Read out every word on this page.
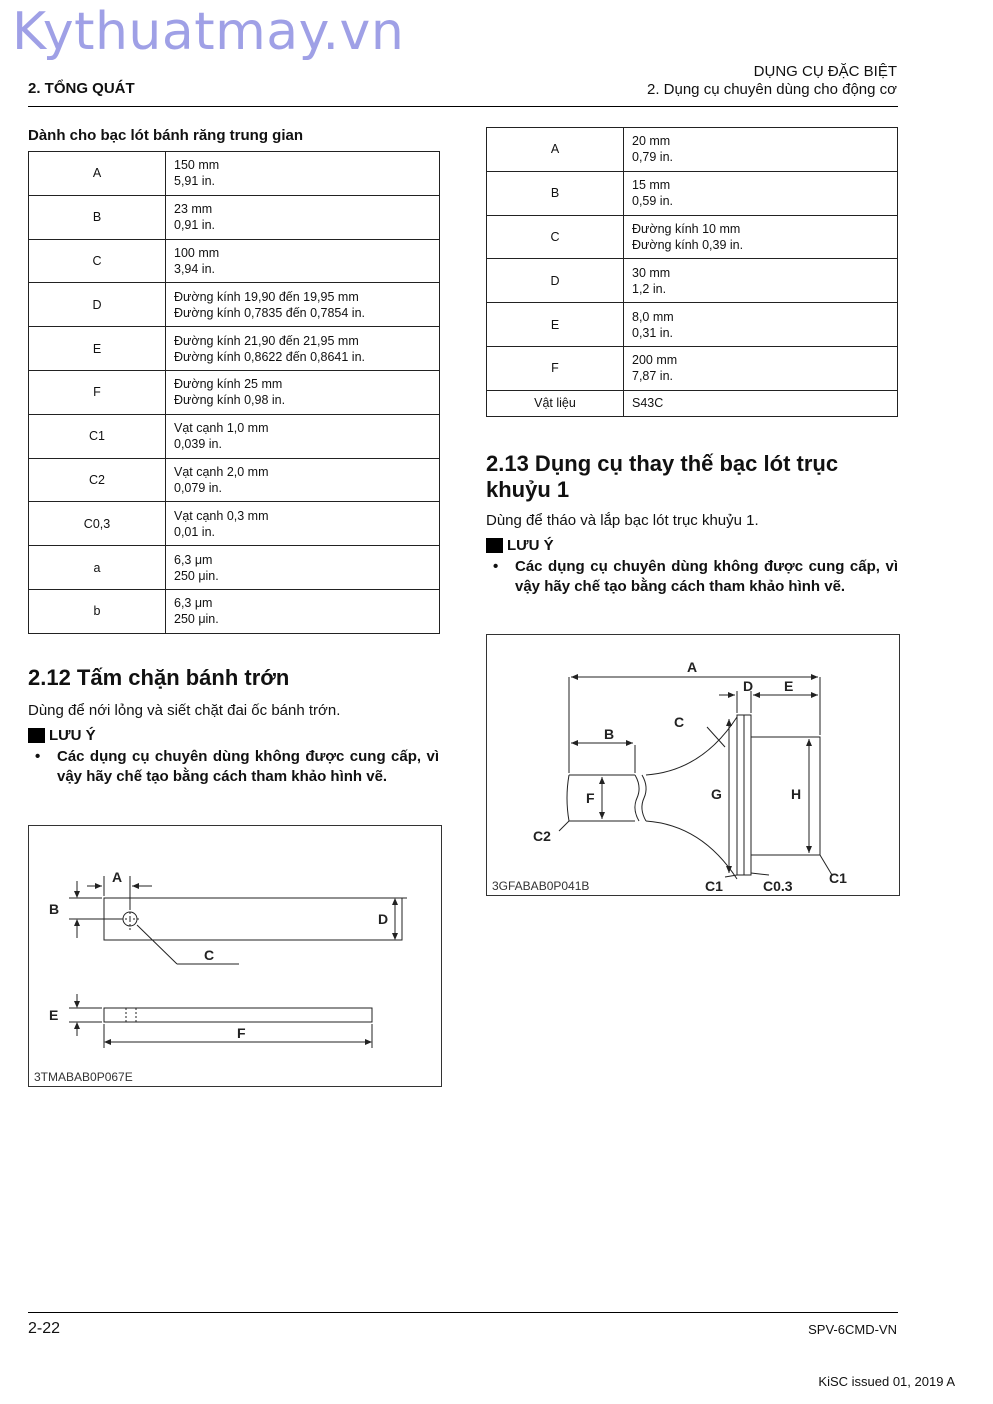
Kythuatmay.vn
2. TỔNG QUÁT
DỤNG CỤ ĐẶC BIỆT
2. Dụng cụ chuyên dùng cho động cơ
Dành cho bạc lót bánh răng trung gian
A	150 mm
5,91 in.

B	23 mm
0,91 in.

C	100 mm
3,94 in.

D	Đường kính 19,90 đến 19,95 mm
Đường kính 0,7835 đến 0,7854 in.

E	Đường kính 21,90 đến 21,95 mm
Đường kính 0,8622 đến 0,8641 in.

F	Đường kính 25 mm
Đường kính 0,98 in.

C1	Vạt cạnh 1,0 mm
0,039 in.

C2	Vạt cạnh 2,0 mm
0,079 in.

C0,3	Vạt cạnh 0,3 mm
0,01 in.

a	6,3 μm
250 μin.

b	6,3 μm
250 μin.
A	20 mm
0,79 in.

B	15 mm
0,59 in.

C	Đường kính 10 mm
Đường kính 0,39 in.

D	30 mm
1,2 in.

E	8,0 mm
0,31 in.

F	200 mm
7,87 in.

Vật liệu	S43C
2.12 Tấm chặn bánh trớn
Dùng để nới lỏng và siết chặt đai ốc bánh trớn.
LƯU Ý
• Các dụng cụ chuyên dùng không được cung cấp, vì vậy hãy chế tạo bằng cách tham khảo hình vẽ.
A
B
C
D
E
F
3TMABAB0P067E
2.13 Dụng cụ thay thế bạc lót trục
khuỷu 1
Dùng để tháo và lắp bạc lót trục khuỷu 1.
LƯU Ý
• Các dụng cụ chuyên dùng không được cung cấp, vì vậy hãy chế tạo bằng cách tham khảo hình vẽ.
A
B
C
D E
F	G	H
C2
C1	C0.3	C1
3GFABAB0P041B
2-22	SPV-6CMD-VN
KiSC issued 01, 2019 A
